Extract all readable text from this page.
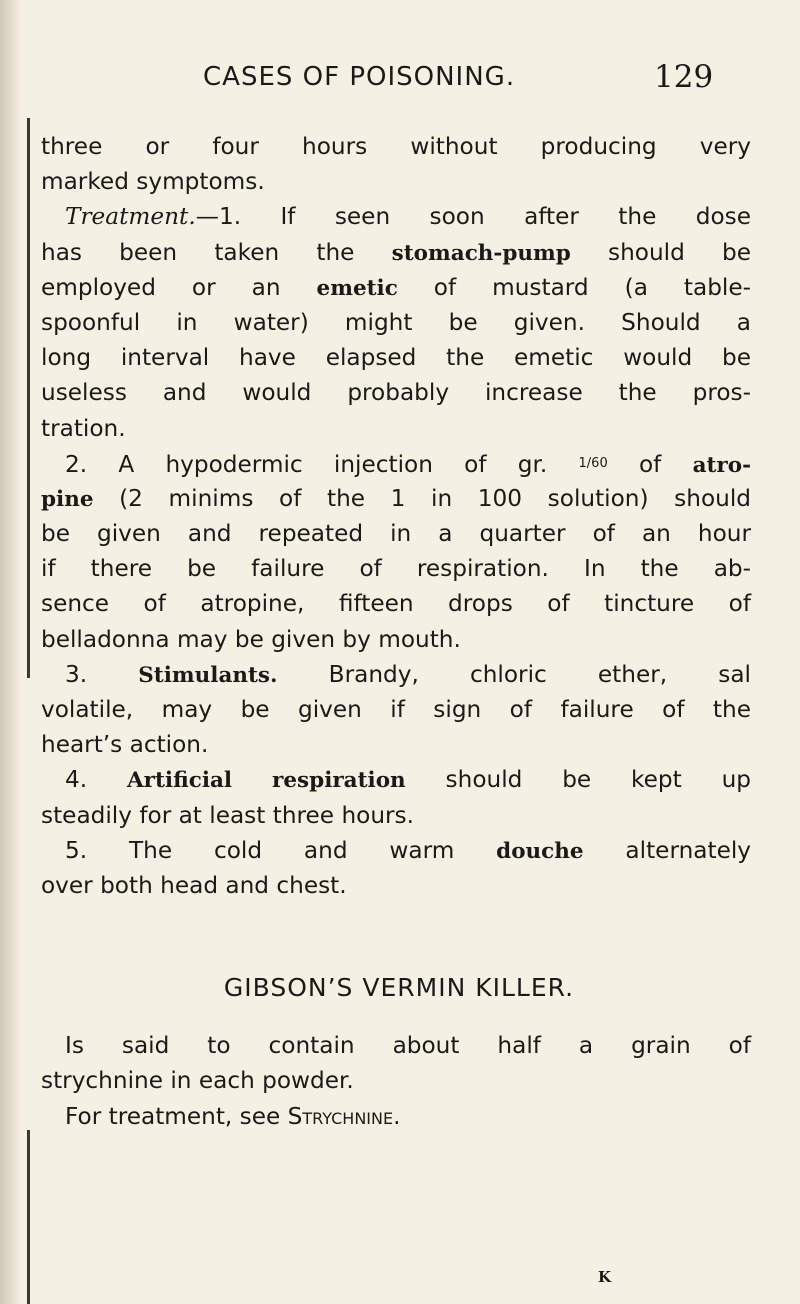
CASES OF POISONING.	129
three or four hours without producing very
marked symptoms.
Treatment.—1. If seen soon after the dose
has been taken the stomach-pump should be
employed or an emetic of mustard (a table-
spoonful in water) might be given. Should a
long interval have elapsed the emetic would be
useless and would probably increase the pros-
tration.
2. A hypodermic injection of gr. 1/60 of atro-
pine (2 minims of the 1 in 100 solution) should
be given and repeated in a quarter of an hour
if there be failure of respiration. In the ab-
sence of atropine, fifteen drops of tincture of
belladonna may be given by mouth.
3. Stimulants. Brandy, chloric ether, sal
volatile, may be given if sign of failure of the
heart’s action.
4. Artificial respiration should be kept up
steadily for at least three hours.
5. The cold and warm douche alternately
over both head and chest.
GIBSON’S VERMIN KILLER.
Is said to contain about half a grain of
strychnine in each powder.
For treatment, see Strychnine.
K
